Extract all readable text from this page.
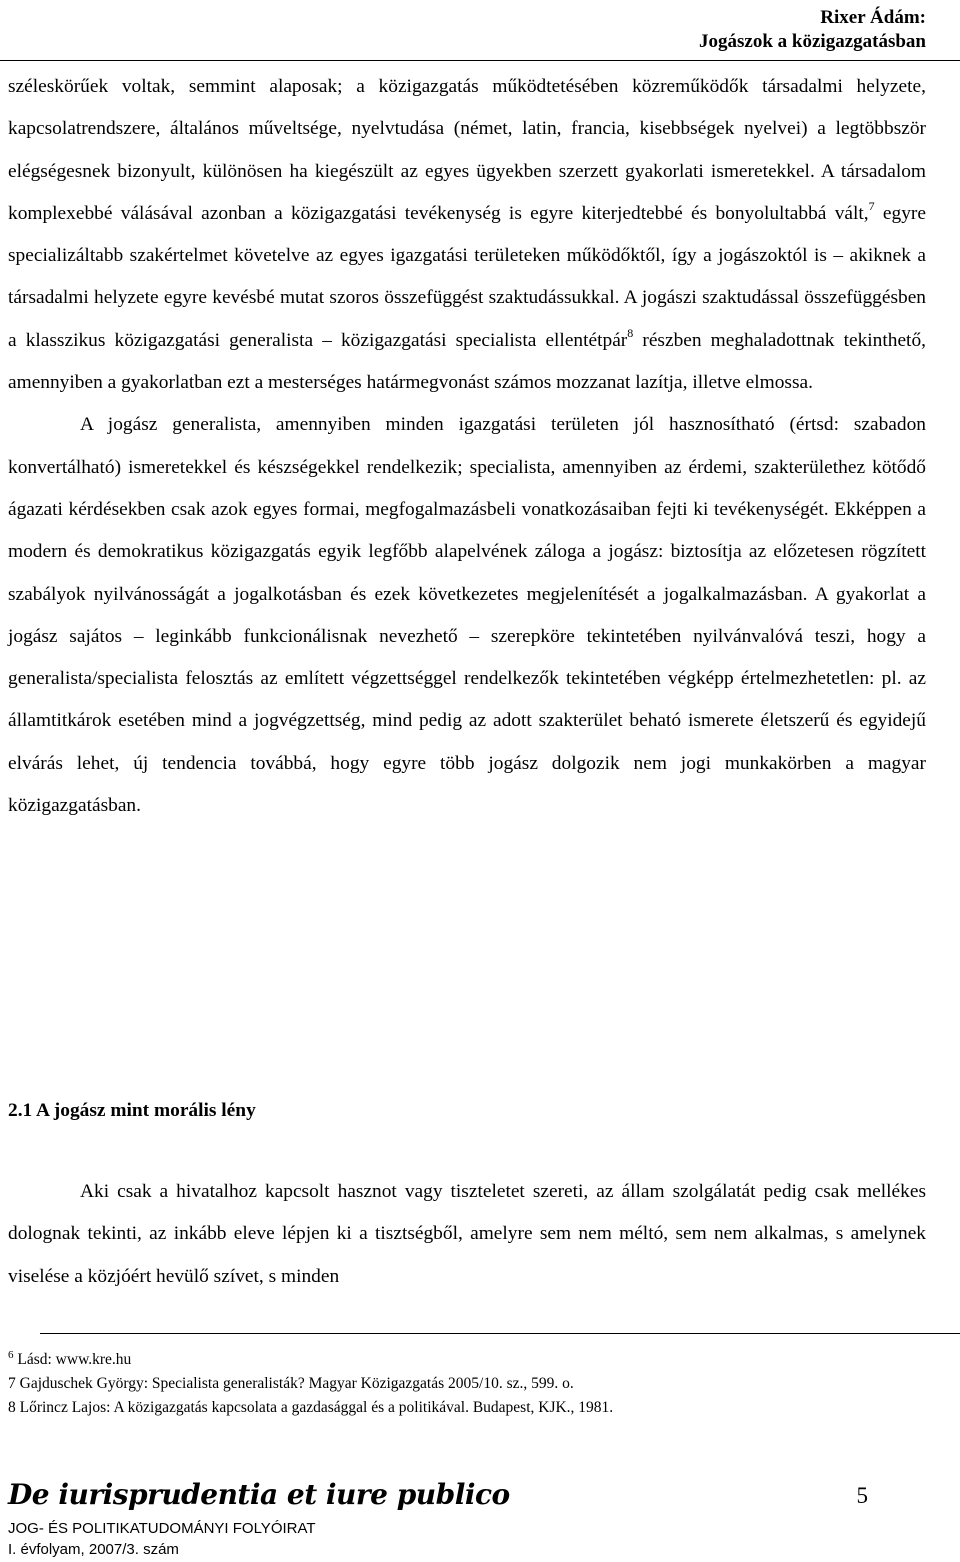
Rixer Ádám:
Jogászok a közigazgatásban

széleskörűek voltak, semmint alaposak; a közigazgatás működtetésében közreműködők társadalmi helyzete, kapcsolatrendszere, általános műveltsége, nyelvtudása (német, latin, francia, kisebbségek nyelvei) a legtöbbször elégségesnek bizonyult, különösen ha kiegészült az egyes ügyekben szerzett gyakorlati ismeretekkel. A társadalom komplexebbé válásával azonban a közigazgatási tevékenység is egyre kiterjedtebbé és bonyolultabbá vált,$^7$ egyre specializáltabb szakértelmet követelve az egyes igazgatási területeken működőktől, így a jogászoktól is – akiknek a társadalmi helyzete egyre kevésbé mutat szoros összefüggést szaktudássukkal. A jogászi szaktudással összefüggésben a klasszikus közigazgatási generalista – közigazgatási specialista ellentétpár$^8$ részben meghaladottnak tekinthető, amennyiben a gyakorlatban ezt a mesterséges határmegvonást számos mozzanat lazítja, illetve elmossa.

A jogász generalista, amennyiben minden igazgatási területen jól hasznosítható (értsd: szabadon konvertálható) ismeretekkel és készségekkel rendelkezik; specialista, amennyiben az érdemi, szakterülethez kötődő ágazati kérdésekben csak azok egyes formai, megfogalmazásbeli vonatkozásaiban fejti ki tevékenységét. Ekképpen a modern és demokratikus közigazgatás egyik legfőbb alapelvének záloga a jogász: biztosítja az előzetesen rögzített szabályok nyilvánosságát a jogalkotásban és ezek következetes megjelenítését a jogalkalmazásban. A gyakorlat a jogász sajátos – leginkább funkcionálisnak nevezhető – szerepköre tekintetében nyilvánvalóvá teszi, hogy a generalista/specialista felosztás az említett végzettséggel rendelkezők tekintetében végképp értelmezhetetlen: pl. az államtitkárok esetében mind a jogvégzettség, mind pedig az adott szakterület beható ismerete életszerű és egyidejű elvárás lehet, új tendencia továbbá, hogy egyre több jogász dolgozik nem jogi munkakörben a magyar közigazgatásban.

2.1 A jogász mint morális lény

Aki csak a hivatalhoz kapcsolt hasznot vagy tiszteletet szereti, az állam szolgálatát pedig csak mellékes dolognak tekinti, az inkább eleve lépjen ki a tisztségből, amelyre sem nem méltó, sem nem alkalmas, s amelynek viselése a közjóért hevülő szívet, s minden

$^6$ Lásd: www.kre.hu
7 Gajduschek György: Specialista generalisták? Magyar Közigazgatás 2005/10. sz., 599. o.
8 Lőrincz Lajos: A közigazgatás kapcsolata a gazdasággal és a politikával. Budapest, KJK., 1981.
De iurisprudentia et iure publico
JOG- ÉS POLITIKATUDOMÁNYI FOLYÓIRAT
I. évfolyam, 2007/3. szám
5
